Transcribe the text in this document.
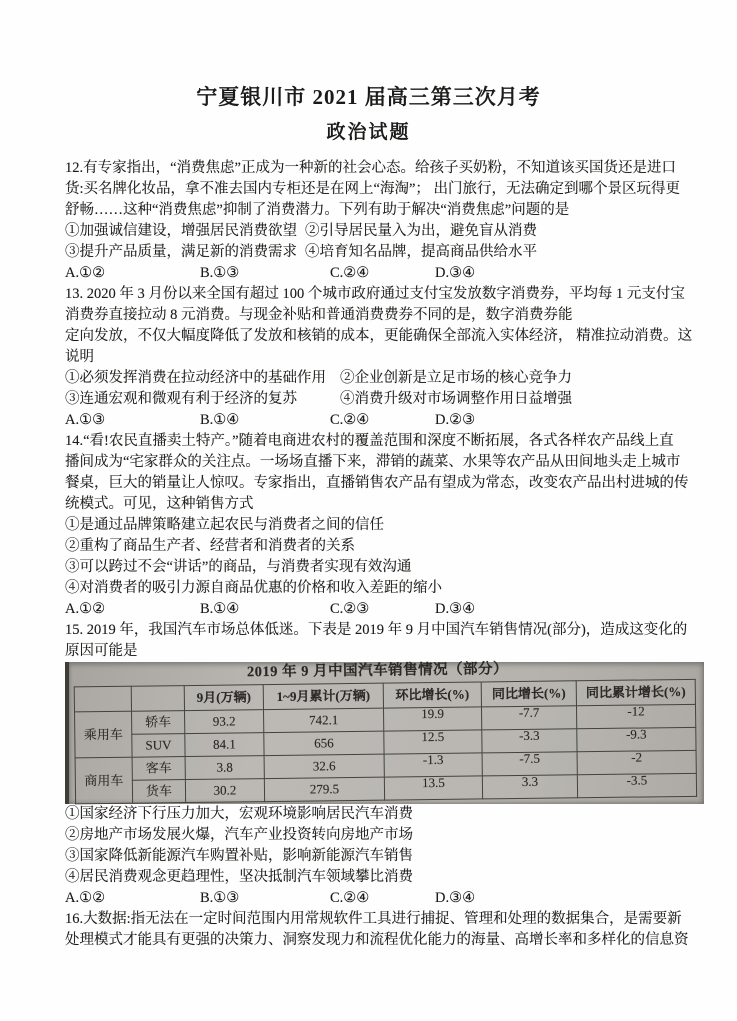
宁夏银川市 2021 届高三第三次月考
政治试题
12.有专家指出，“消费焦虑”正成为一种新的社会心态。给孩子买奶粉，不知道该买国货还是进口
货:买名牌化妆品，拿不准去国内专柜还是在网上“海淘”； 出门旅行，无法确定到哪个景区玩得更
舒畅……这种“消费焦虑”抑制了消费潜力。下列有助于解决“消费焦虑”问题的是
①加强诚信建设，增强居民消费欲望 ②引导居民量入为出，避免盲从消费
③提升产品质量，满足新的消费需求 ④培育知名品牌，提高商品供给水平
A.①②	B.①③	C.②④	D.③④
13. 2020 年 3 月份以来全国有超过 100 个城市政府通过支付宝发放数字消费券，平均每 1 元支付宝
消费券直接拉动 8 元消费。与现金补贴和普通消费费券不同的是，数字消费券能
定向发放，不仅大幅度降低了发放和核销的成本，更能确保全部流入实体经济， 精准拉动消费。这
说明
①必须发挥消费在拉动经济中的基础作用 ②企业创新是立足市场的核心竞争力
③连通宏观和微观有利于经济的复苏	④消费升级对市场调整作用日益增强
A.①③	B.①④	C.②④	D.②③
14.“看!农民直播卖土特产。”随着电商进农村的覆盖范围和深度不断拓展，各式各样农产品线上直
播间成为“宅家群众的关注点。一场场直播下来，滞销的蔬菜、水果等农产品从田间地头走上城市
餐桌，巨大的销量让人惊叹。专家指出，直播销售农产品有望成为常态，改变农产品出村进城的传
统模式。可见，这种销售方式
①是通过品牌策略建立起农民与消费者之间的信任
②重构了商品生产者、经营者和消费者的关系
③可以跨过不会“讲话”的商品，与消费者实现有效沟通
④对消费者的吸引力源自商品优惠的价格和收入差距的缩小
A.①②	B.①④	C.②③	D.③④
15. 2019 年，我国汽车市场总体低迷。下表是 2019 年 9 月中国汽车销售情况(部分)，造成这变化的
原因可能是
2019 年 9 月中国汽车销售情况（部分）
		9月(万辆)	1~9月累计(万辆)	环比增长(%)	同比增长(%)	同比累计增长(%)
乘用车	轿车	93.2	742.1	19.9	-7.7	-12
	SUV	84.1	656	12.5	-3.3	-9.3
商用车	客车	3.8	32.6	-1.3	-7.5	-2
	货车	30.2	279.5	13.5	3.3	-3.5
①国家经济下行压力加大，宏观环境影响居民汽车消费
②房地产市场发展火爆，汽车产业投资转向房地产市场
③国家降低新能源汽车购置补贴，影响新能源汽车销售
④居民消费观念更趋理性，坚决抵制汽车领域攀比消费
A.①②	B.①③	C.②④	D.③④
16.大数据:指无法在一定时间范围内用常规软件工具进行捕捉、管理和处理的数据集合，是需要新
处理模式才能具有更强的决策力、洞察发现力和流程优化能力的海量、高增长率和多样化的信息资
